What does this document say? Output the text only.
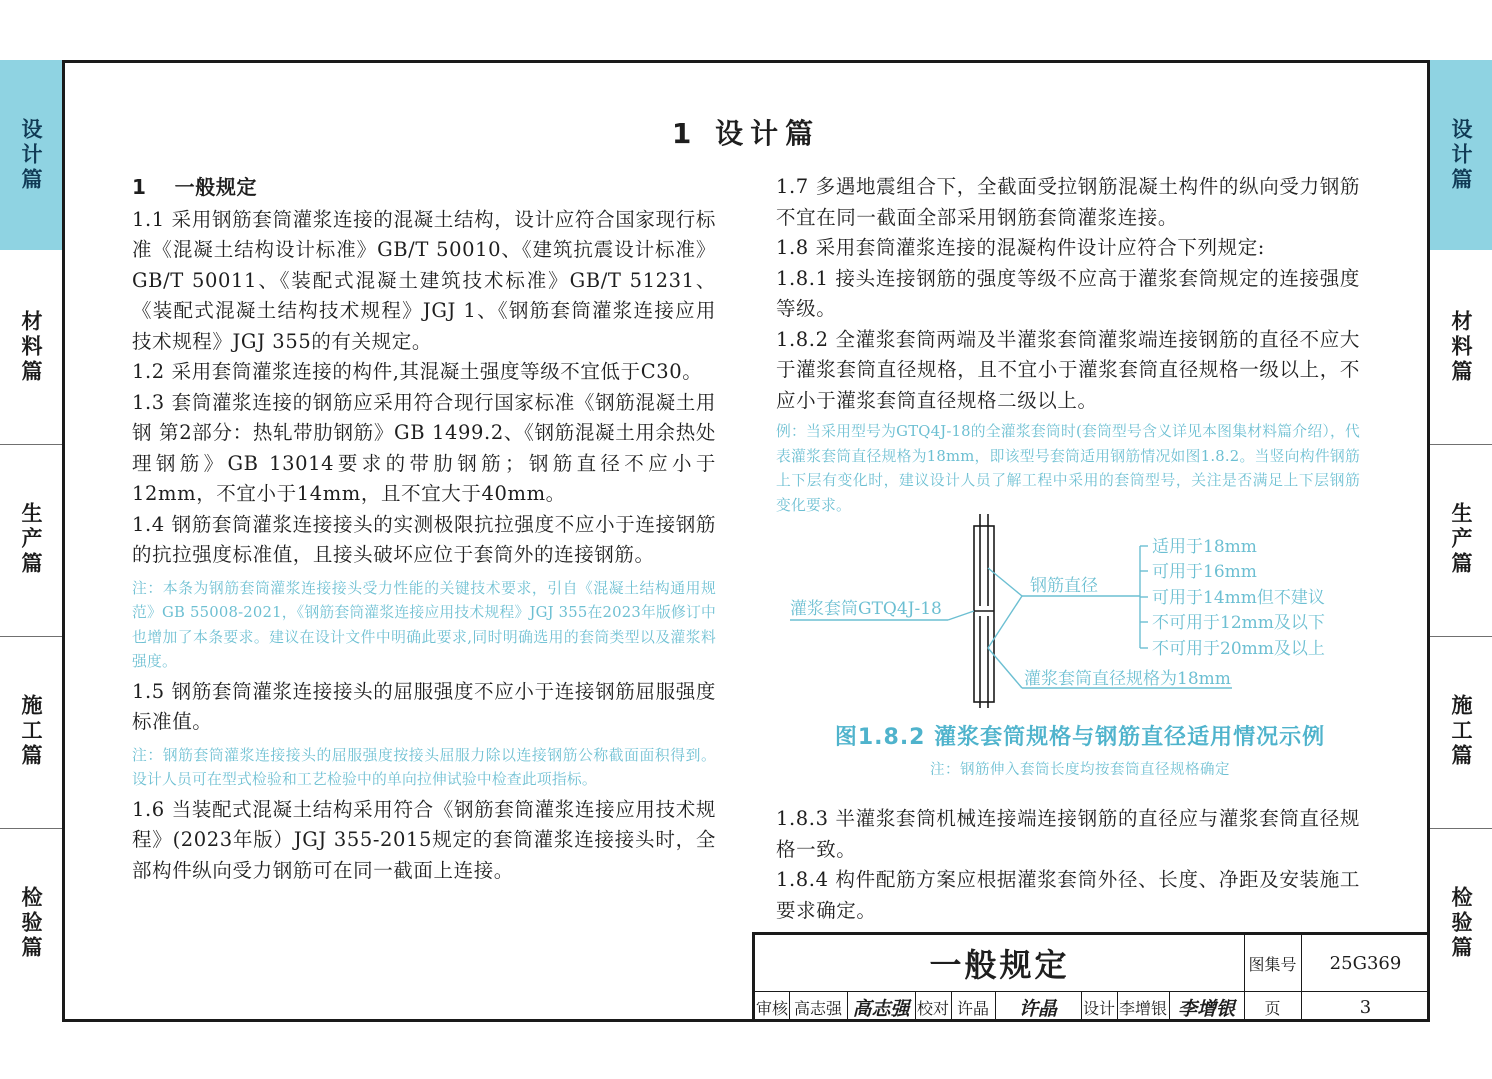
设计篇
材料篇
生产篇
施工篇
检验篇
设计篇
材料篇
生产篇
施工篇
检验篇
1 设计篇

1　 一般规定

1.1 采用钢筋套筒灌浆连接的混凝土结构，设计应符合国家现行标准《混凝土结构设计标准》GB/T 50010、《建筑抗震设计标准》GB/T 50011、《装配式混凝土建筑技术标准》GB/T 51231、《装配式混凝土结构技术规程》JGJ 1、《钢筋套筒灌浆连接应用技术规程》JGJ 355的有关规定。

1.2 采用套筒灌浆连接的构件,其混凝土强度等级不宜低于C30。

1.3 套筒灌浆连接的钢筋应采用符合现行国家标准《钢筋混凝土用钢 第2部分：热轧带肋钢筋》GB 1499.2、《钢筋混凝土用余热处理钢筋》GB 13014要求的带肋钢筋；钢筋直径不应小于12mm，不宜小于14mm，且不宜大于40mm。

1.4 钢筋套筒灌浆连接接头的实测极限抗拉强度不应小于连接钢筋的抗拉强度标准值，且接头破坏应位于套筒外的连接钢筋。

注：本条为钢筋套筒灌浆连接接头受力性能的关键技术要求，引自《混凝土结构通用规范》GB 55008-2021，《钢筋套筒灌浆连接应用技术规程》JGJ 355在2023年版修订中也增加了本条要求。建议在设计文件中明确此要求,同时明确选用的套筒类型以及灌浆料强度。

1.5 钢筋套筒灌浆连接接头的屈服强度不应小于连接钢筋屈服强度标准值。

注：钢筋套筒灌浆连接接头的屈服强度按接头屈服力除以连接钢筋公称截面面积得到。设计人员可在型式检验和工艺检验中的单向拉伸试验中检查此项指标。

1.6 当装配式混凝土结构采用符合《钢筋套筒灌浆连接应用技术规程》(2023年版）JGJ 355-2015规定的套筒灌浆连接接头时，全部构件纵向受力钢筋可在同一截面上连接。

1.7 多遇地震组合下，全截面受拉钢筋混凝土构件的纵向受力钢筋不宜在同一截面全部采用钢筋套筒灌浆连接。

1.8 采用套筒灌浆连接的混凝构件设计应符合下列规定:

1.8.1 接头连接钢筋的强度等级不应高于灌浆套筒规定的连接强度等级。

1.8.2 全灌浆套筒两端及半灌浆套筒灌浆端连接钢筋的直径不应大于灌浆套筒直径规格，且不宜小于灌浆套筒直径规格一级以上，不应小于灌浆套筒直径规格二级以上。

例：当采用型号为GTQ4J-18的全灌浆套筒时(套筒型号含义详见本图集材料篇介绍），代表灌浆套筒直径规格为18mm，即该型号套筒适用钢筋情况如图1.8.2。当竖向构件钢筋上下层有变化时，建议设计人员了解工程中采用的套筒型号，关注是否满足上下层钢筋变化要求。

灌浆套筒GTQ4J-18
钢筋直径
适用于18mm
可用于16mm
可用于14mm但不建议
不可用于12mm及以下
不可用于20mm及以上
灌浆套筒直径规格为18mm
图1.8.2 灌浆套筒规格与钢筋直径适用情况示例
注：钢筋伸入套筒长度均按套筒直径规格确定

1.8.3 半灌浆套筒机械连接端连接钢筋的直径应与灌浆套筒直径规格一致。

1.8.4 构件配筋方案应根据灌浆套筒外径、长度、净距及安装施工要求确定。

一般规定	图集号	25G369
审核 高志强 高志强 校对 许晶	许晶	设计 李增银 李增银	页	3
